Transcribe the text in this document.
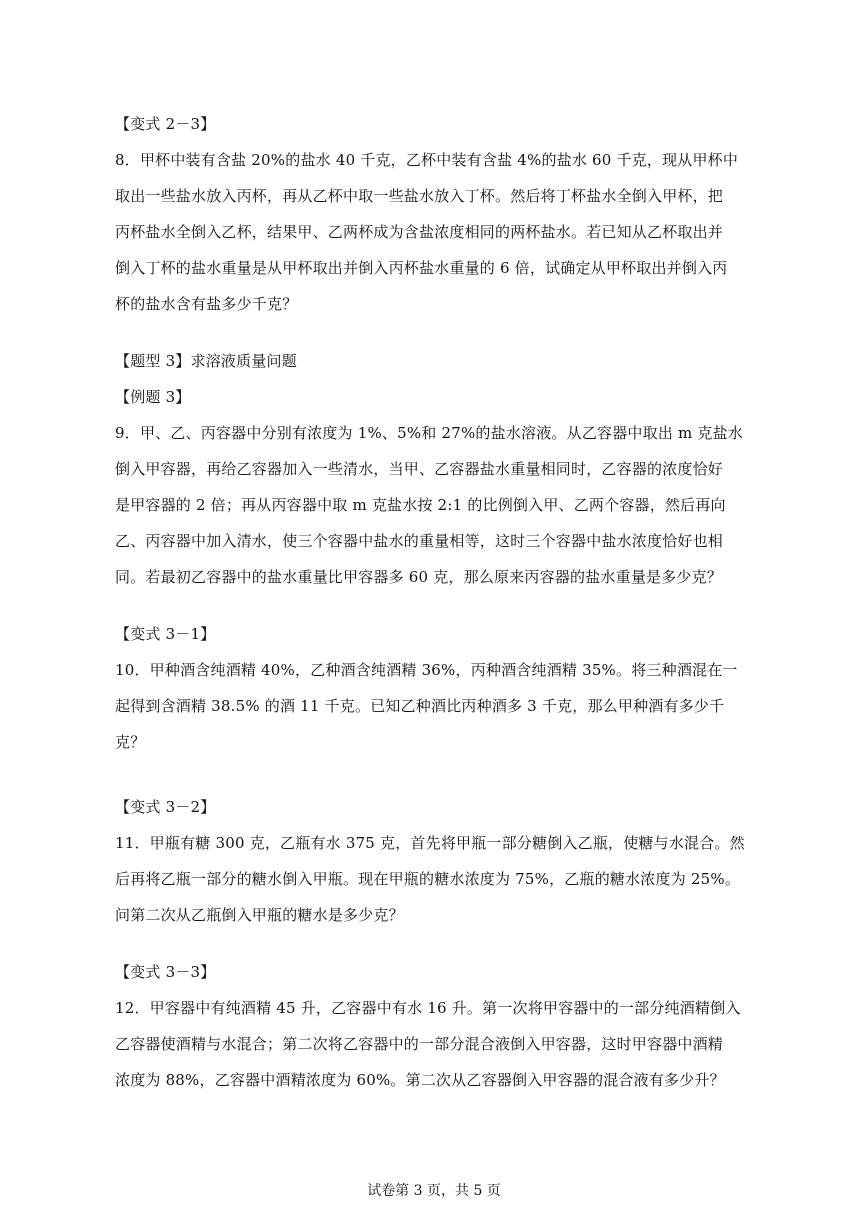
【变式 2－3】
8．甲杯中装有含盐 20%的盐水 40 千克，乙杯中装有含盐 4%的盐水 60 千克，现从甲杯中
取出一些盐水放入丙杯，再从乙杯中取一些盐水放入丁杯。然后将丁杯盐水全倒入甲杯，把
丙杯盐水全倒入乙杯，结果甲、乙两杯成为含盐浓度相同的两杯盐水。若已知从乙杯取出并
倒入丁杯的盐水重量是从甲杯取出并倒入丙杯盐水重量的 6 倍，试确定从甲杯取出并倒入丙
杯的盐水含有盐多少千克？
【题型 3】求溶液质量问题
【例题 3】
9．甲、乙、丙容器中分别有浓度为 1%、5%和 27%的盐水溶液。从乙容器中取出 m 克盐水
倒入甲容器，再给乙容器加入一些清水，当甲、乙容器盐水重量相同时，乙容器的浓度恰好
是甲容器的 2 倍；再从丙容器中取 m 克盐水按 2:1 的比例倒入甲、乙两个容器，然后再向
乙、丙容器中加入清水，使三个容器中盐水的重量相等，这时三个容器中盐水浓度恰好也相
同。若最初乙容器中的盐水重量比甲容器多 60 克，那么原来丙容器的盐水重量是多少克？
【变式 3－1】
10．甲种酒含纯酒精 40%，乙种酒含纯酒精 36%，丙种酒含纯酒精 35%。将三种酒混在一
起得到含酒精 38.5% 的酒 11 千克。已知乙种酒比丙种酒多 3 千克，那么甲种酒有多少千
克？
【变式 3－2】
11．甲瓶有糖 300 克，乙瓶有水 375 克，首先将甲瓶一部分糖倒入乙瓶，使糖与水混合。然
后再将乙瓶一部分的糖水倒入甲瓶。现在甲瓶的糖水浓度为 75%，乙瓶的糖水浓度为 25%。
问第二次从乙瓶倒入甲瓶的糖水是多少克？
【变式 3－3】
12．甲容器中有纯酒精 45 升，乙容器中有水 16 升。第一次将甲容器中的一部分纯酒精倒入
乙容器使酒精与水混合；第二次将乙容器中的一部分混合液倒入甲容器，这时甲容器中酒精
浓度为 88%，乙容器中酒精浓度为 60%。第二次从乙容器倒入甲容器的混合液有多少升？
试卷第 3 页，共 5 页
